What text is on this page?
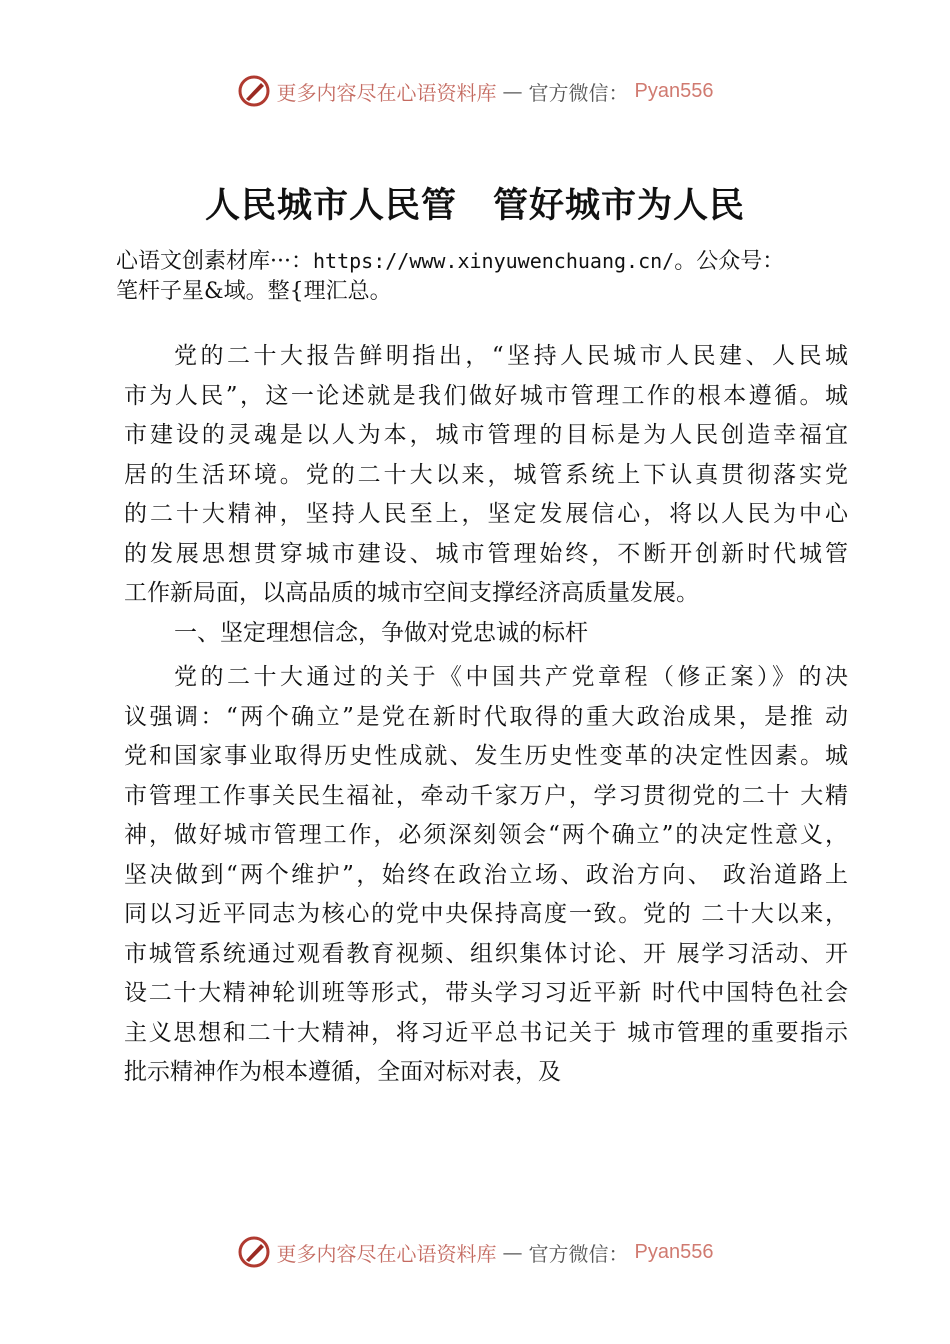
更多内容尽在心语资料库 — 官方微信： Pyan556
人民城市人民管　管好城市为人民
心语文创素材库···：https://www.xinyuwenchuang.cn/。公众号：
笔杆子星&域。整{理汇总。
党的二十大报告鲜明指出，“坚持人民城市人民建、人民城
市为人民”，这一论述就是我们做好城市管理工作的根本遵循。城
市建设的灵魂是以人为本，城市管理的目标是为人民创造幸福宜
居的生活环境。党的二十大以来，城管系统上下认真贯彻落实党
的二十大精神，坚持人民至上，坚定发展信心，将以人民为中心
的发展思想贯穿城市建设、城市管理始终，不断开创新时代城管
工作新局面，以高品质的城市空间支撑经济高质量发展。
一、坚定理想信念，争做对党忠诚的标杆
党的二十大通过的关于《中国共产党章程（修正案）》的决
议强调：“两个确立”是党在新时代取得的重大政治成果，是推 动
党和国家事业取得历史性成就、发生历史性变革的决定性因素。城
市管理工作事关民生福祉，牵动千家万户，学习贯彻党的二十 大精
神，做好城市管理工作，必须深刻领会“两个确立”的决定性意义，
坚决做到“两个维护”，始终在政治立场、政治方向、 政治道路上
同以习近平同志为核心的党中央保持高度一致。党的 二十大以来，
市城管系统通过观看教育视频、组织集体讨论、开 展学习活动、开
设二十大精神轮训班等形式，带头学习习近平新 时代中国特色社会
主义思想和二十大精神，将习近平总书记关于 城市管理的重要指示
批示精神作为根本遵循，全面对标对表，及
更多内容尽在心语资料库 — 官方微信： Pyan556
